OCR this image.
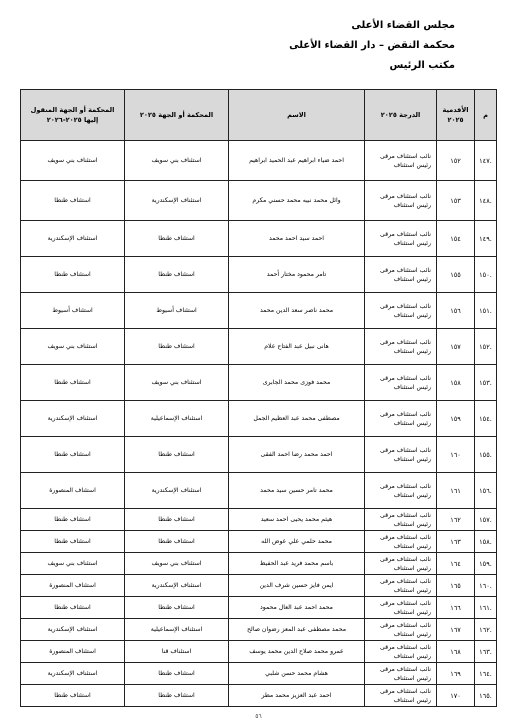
مجلس القضاء الأعلى
محكمة النقض – دار القضاء الأعلى
مكتب الرئيس
م	الأقدمية ٢٠٢٥	الدرجة ٢٠٢٥	الاسم	المحكمة أو الجهة ٢٠٢٥	المحكمة أو الجهة المنقول إليها ٢٠٢٥-٢٠٢٦
.١٤٧	١٥٢	نائب استئناف مرقى رئيس استئناف	احمد ضياء ابراهيم عبد الحميد ابراهيم	استئناف بني سويف	استئناف بني سويف
.١٤٨	١٥٣	نائب استئناف مرقى رئيس استئناف	وائل محمد نبيه محمد حسني مكرم	استئناف الإسكندرية	استئناف طنطا
.١٤٩	١٥٤	نائب استئناف مرقى رئيس استئناف	احمد سيد احمد محمد	استئناف طنطا	استئناف الإسكندرية
.١٥٠	١٥٥	نائب استئناف مرقى رئيس استئناف	تامر محمود مختار أحمد	استئناف طنطا	استئناف طنطا
.١٥١	١٥٦	نائب استئناف مرقى رئيس استئناف	محمد ناصر سعد الدين محمد	استئناف أسيوط	استئناف أسيوط
.١٥٢	١٥٧	نائب استئناف مرقى رئيس استئناف	هانى نبيل عبد الفتاح علام	استئناف طنطا	استئناف بني سويف
.١٥٣	١٥٨	نائب استئناف مرقى رئيس استئناف	محمد فوزى محمد الجابرى	استئناف بني سويف	استئناف طنطا
.١٥٤	١٥٩	نائب استئناف مرقى رئيس استئناف	مصطفى محمد عبد العظيم الجمل	استئناف الإسماعيلية	استئناف الإسكندرية
.١٥٥	١٦٠	نائب استئناف مرقى رئيس استئناف	احمد محمد رضا احمد الفقى	استئناف طنطا	استئناف طنطا
.١٥٦	١٦١	نائب استئناف مرقى رئيس استئناف	محمد تامر حسين سيد محمد	استئناف الإسكندرية	استئناف المنصورة
.١٥٧	١٦٢	نائب استئناف مرقى رئيس استئناف	هيثم محمد يحيى احمد سعيد	استئناف طنطا	استئناف طنطا
.١٥٨	١٦٣	نائب استئناف مرقى رئيس استئناف	محمد حلمي علي عوض الله	استئناف طنطا	استئناف طنطا
.١٥٩	١٦٤	نائب استئناف مرقى رئيس استئناف	باسم محمد فريد عبد الحفيظ	استئناف بني سويف	استئناف بني سويف
.١٦٠	١٦٥	نائب استئناف مرقى رئيس استئناف	ايمن فايز حسين شرف الدين	استئناف الإسكندرية	استئناف المنصورة
.١٦١	١٦٦	نائب استئناف مرقى رئيس استئناف	محمد احمد عبد العال محمود	استئناف طنطا	استئناف طنطا
.١٦٢	١٦٧	نائب استئناف مرقى رئيس استئناف	محمد مصطفى عبد المعز رضوان صالح	استئناف الإسماعيلية	استئناف الإسكندرية
.١٦٣	١٦٨	نائب استئناف مرقى رئيس استئناف	عمرو محمد صلاح الدين محمد يوسف	استئناف قنا	استئناف المنصورة
.١٦٤	١٦٩	نائب استئناف مرقى رئيس استئناف	هشام محمد حسن شلبي	استئناف طنطا	استئناف الإسكندرية
.١٦٥	١٧٠	نائب استئناف مرقى رئيس استئناف	احمد عبد العزيز محمد مطر	استئناف طنطا	استئناف طنطا
٥٦
